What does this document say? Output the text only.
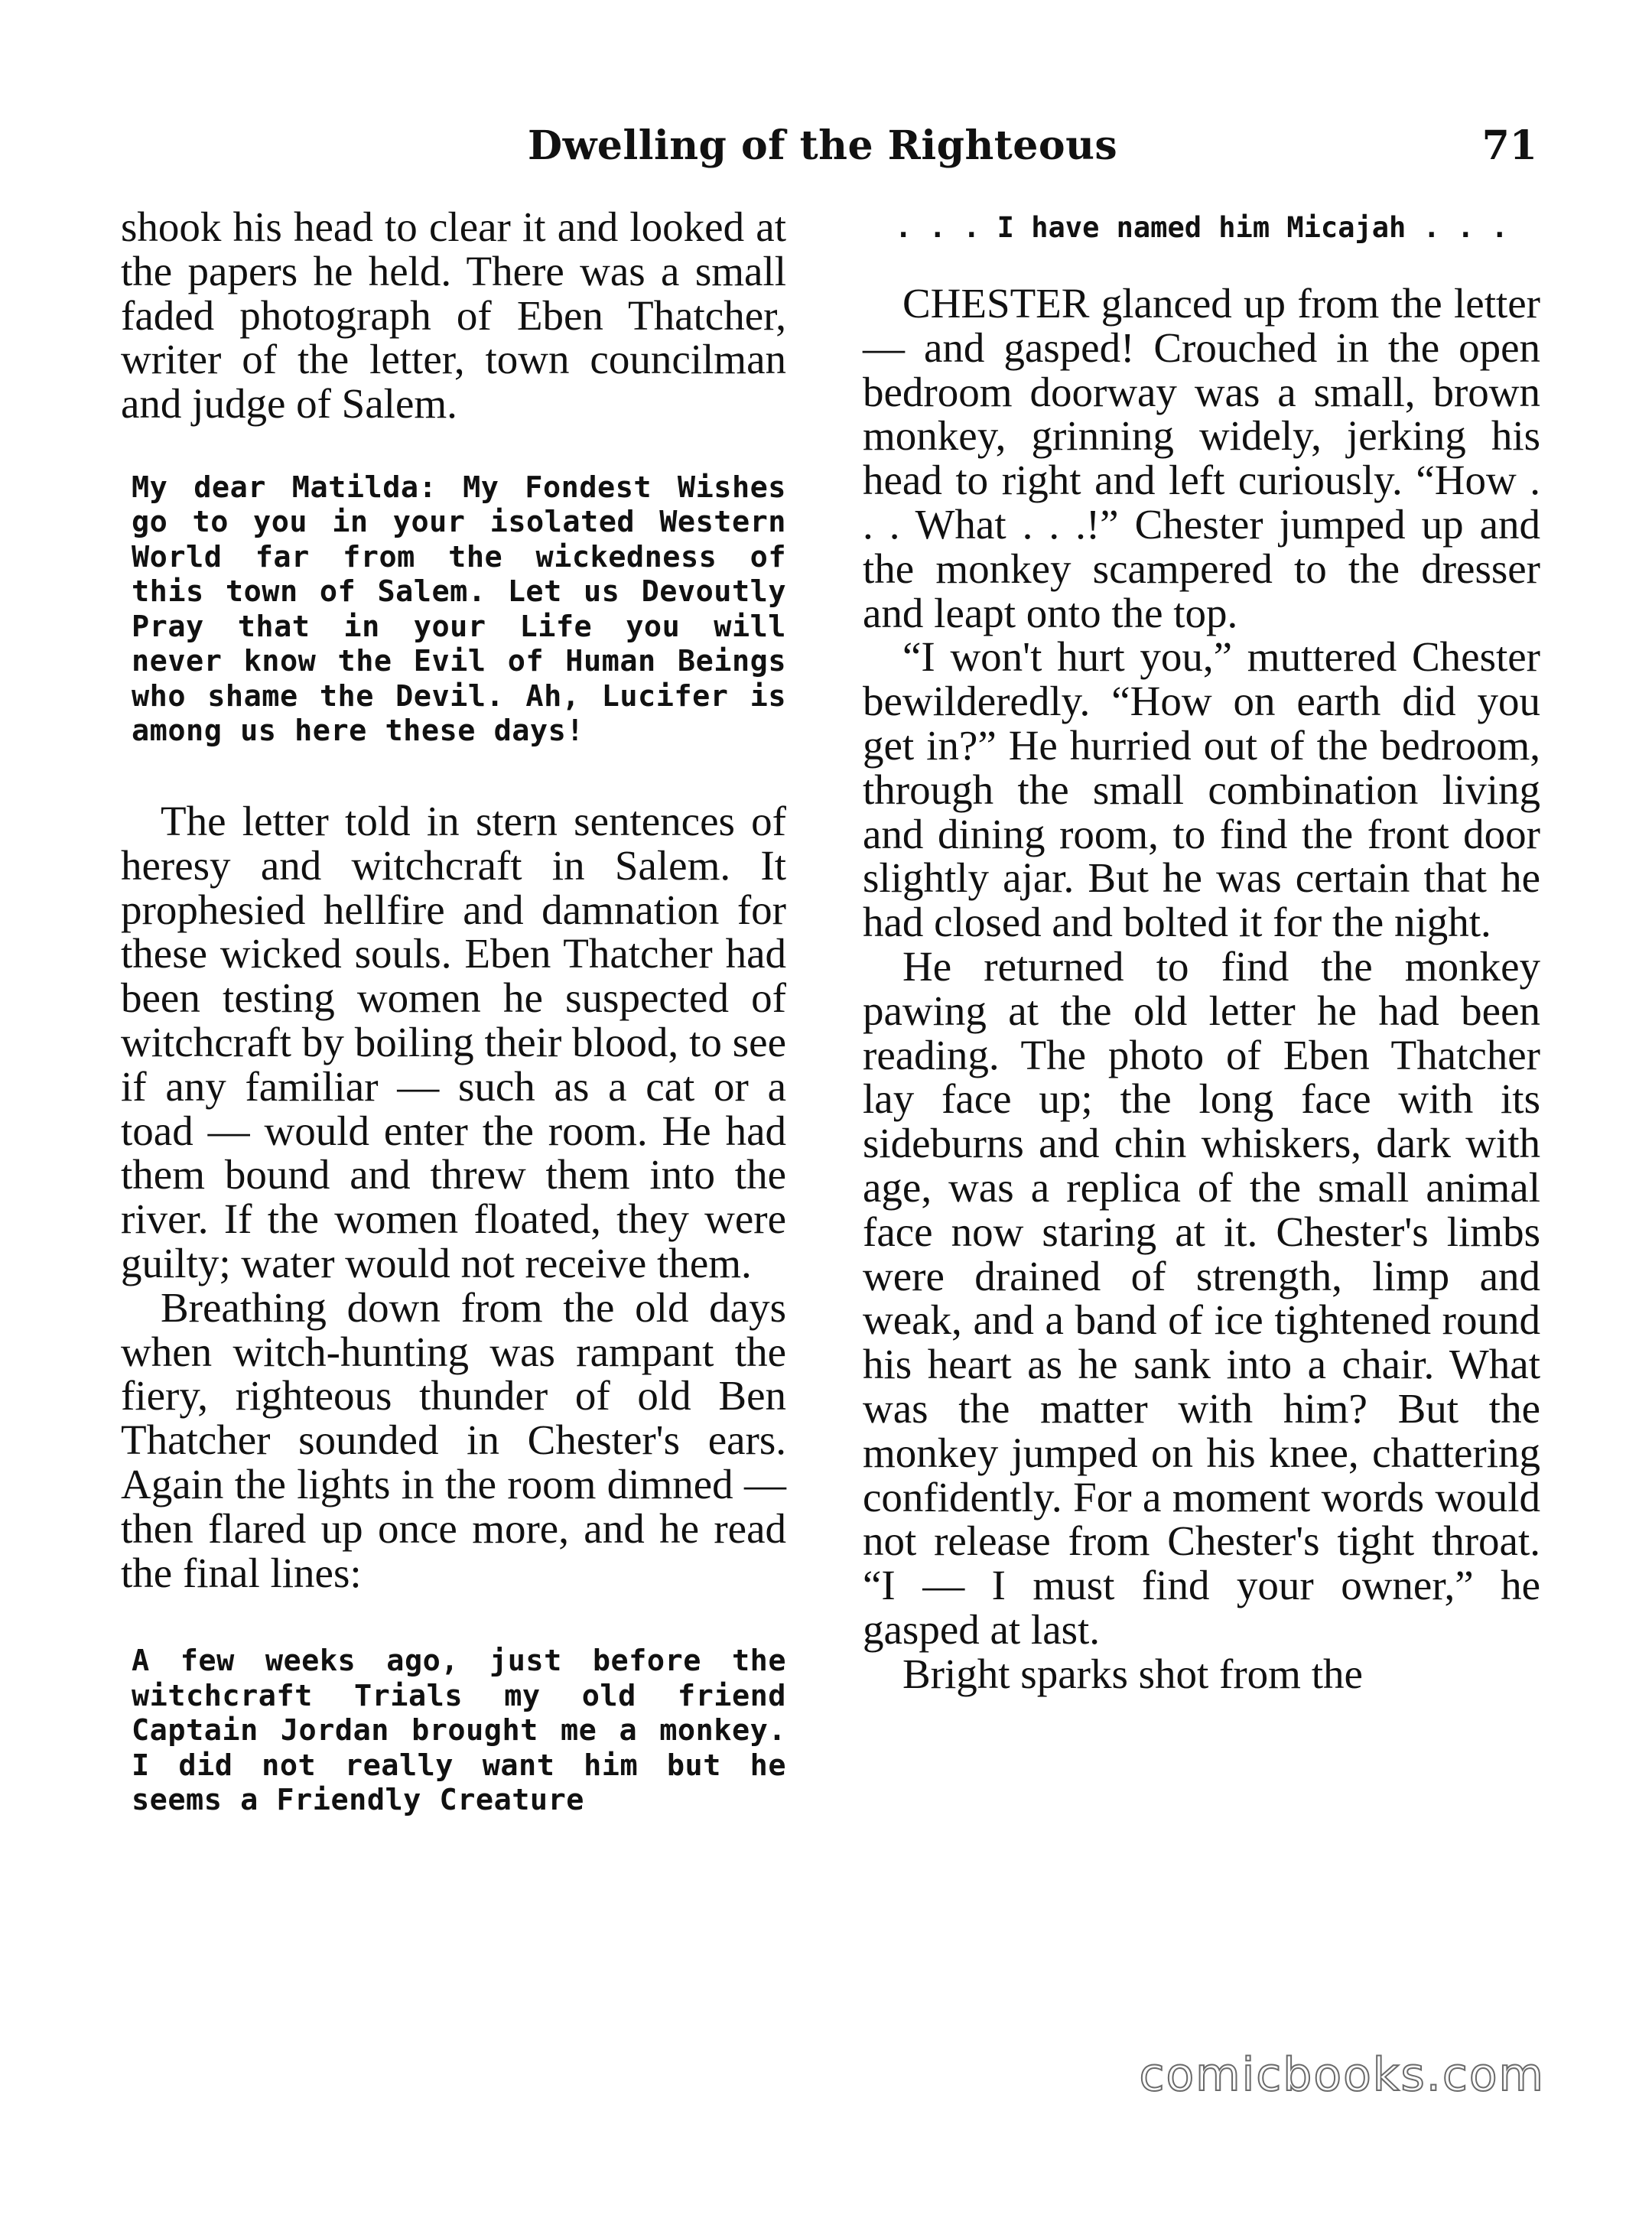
Dwelling of the Righteous	71

shook his head to clear it and looked at the papers he held. There was a small faded photograph of Eben Thatcher, writer of the letter, town councilman and judge of Salem.

My dear Matilda: My Fondest Wishes go to you in your isolated Western World far from the wickedness of this town of Salem. Let us Devoutly Pray that in your Life you will never know the Evil of Human Beings who shame the Devil. Ah, Lucifer is among us here these days!

The letter told in stern sentences of heresy and witchcraft in Salem. It prophesied hellfire and damnation for these wicked souls. Eben Thatcher had been testing women he suspected of witchcraft by boiling their blood, to see if any familiar — such as a cat or a toad — would enter the room. He had them bound and threw them into the river. If the women floated, they were guilty; water would not receive them.

Breathing down from the old days when witch-hunting was rampant the fiery, righteous thunder of old Ben Thatcher sounded in Chester's ears. Again the lights in the room dimned — then flared up once more, and he read the final lines:

A few weeks ago, just before the witchcraft Trials my old friend Captain Jordan brought me a monkey. I did not really want him but he seems a Friendly Creature

. . . I have named him Micajah . . .

CHESTER glanced up from the letter — and gasped! Crouched in the open bedroom doorway was a small, brown monkey, grinning widely, jerking his head to right and left curiously. “How . . . What . . .!” Chester jumped up and the monkey scampered to the dresser and leapt onto the top.

“I won't hurt you,” muttered Chester bewilderedly. “How on earth did you get in?” He hurried out of the bedroom, through the small combination living and dining room, to find the front door slightly ajar. But he was certain that he had closed and bolted it for the night.

He returned to find the monkey pawing at the old letter he had been reading. The photo of Eben Thatcher lay face up; the long face with its sideburns and chin whiskers, dark with age, was a replica of the small animal face now staring at it. Chester's limbs were drained of strength, limp and weak, and a band of ice tightened round his heart as he sank into a chair. What was the matter with him? But the monkey jumped on his knee, chattering confidently. For a moment words would not release from Chester's tight throat. “I — I must find your owner,” he gasped at last.

Bright sparks shot from the

comicbooks.com
